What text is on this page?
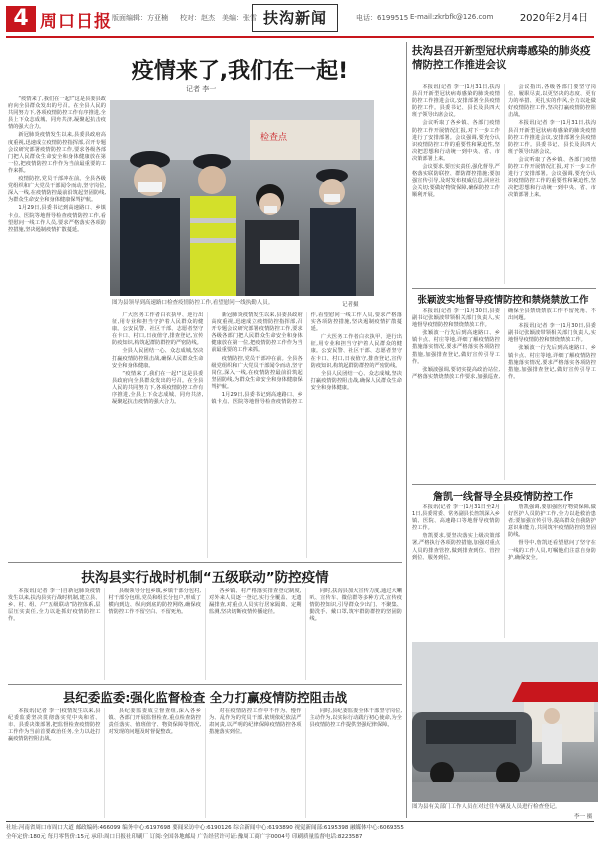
4 周口日报 版面编辑：方亚楠 校对：赵杰 美编：张雪 扶沟新闻	电话：6199515 E-mail:zkrbfk@126.com	2020年2月4日
疫情来了,我们在一起!
记者 李一

“疫情来了,我们在一起!”这是县委县政府向全县群众发出的号召。在全县人民的共同努力下,各项疫情防控工作有序推进,全县上下众志成城、同舟共济,凝聚起抗击疫情的强大合力。

新冠肺炎疫情发生以来,县委县政府高度重视,迅速成立疫情防控指挥部,召开专题会议研究部署疫情防控工作,要求各级各部门把人民群众生命安全和身体健康放在第一位,把疫情防控工作作为当前最重要的工作来抓。

疫情防控,党员干部冲在前。全县各级党组织和广大党员干部闻令而动,坚守岗位,深入一线,在疫情防控最前沿筑起坚固防线,为群众生命安全和身体健康保驾护航。

1月29日,县委书记到高速路口、乡镇卡点、医院等地督导检查疫情防控工作,看望慰问一线工作人员,要求严格落实各项防控措施,坚决遏制疫情扩散蔓延。

检查点
图为县领导到高速路口检查疫情防控工作,看望慰问一线执勤人员。	记者摄

广大医务工作者白衣执甲、逆行出征,用专业和担当守护着人民群众的健康。公安民警、社区干部、志愿者坚守在卡口、村口,日夜值守,排查登记,宣传防疫知识,构筑起群防群控的严密防线。

全县人民团结一心、众志成城,坚决打赢疫情防控阻击战,确保人民群众生命安全和身体健康。

“疫情来了,我们在一起!”这是县委县政府向全县群众发出的号召。在全县人民的共同努力下,各项疫情防控工作有序推进,全县上下众志成城、同舟共济,凝聚起抗击疫情的强大合力。

新冠肺炎疫情发生以来,县委县政府高度重视,迅速成立疫情防控指挥部,召开专题会议研究部署疫情防控工作,要求各级各部门把人民群众生命安全和身体健康放在第一位,把疫情防控工作作为当前最重要的工作来抓。

疫情防控,党员干部冲在前。全县各级党组织和广大党员干部闻令而动,坚守岗位,深入一线,在疫情防控最前沿筑起坚固防线,为群众生命安全和身体健康保驾护航。

1月29日,县委书记到高速路口、乡镇卡点、医院等地督导检查疫情防控工作,看望慰问一线工作人员,要求严格落实各项防控措施,坚决遏制疫情扩散蔓延。

广大医务工作者白衣执甲、逆行出征,用专业和担当守护着人民群众的健康。公安民警、社区干部、志愿者坚守在卡口、村口,日夜值守,排查登记,宣传防疫知识,构筑起群防群控的严密防线。

全县人民团结一心、众志成城,坚决打赢疫情防控阻击战,确保人民群众生命安全和身体健康。

扶沟县召开新型冠状病毒感染的肺炎疫情防控工作推进会议

本报讯(记者 李一)1月31日,扶沟县召开新型冠状病毒感染的肺炎疫情防控工作推进会议,安排部署全县疫情防控工作。县委书记、县长及县四大班子领导出席会议。

会议听取了各乡镇、各部门疫情防控工作开展情况汇报,对下一步工作进行了安排部署。会议强调,要充分认识疫情防控工作的重要性和紧迫性,坚决把思想和行动统一到中央、省、市决策部署上来。

会议要求,要压实责任,强化督导,严格落实联防联控、群防群控措施;要加强宣传引导,及时发布权威信息,回应社会关切;要做好物资保障,确保防控工作顺利开展。

会议指出,各级各部门要坚守岗位、履职尽责,以更坚决的态度、更有力的举措、更扎实的作风,全力以赴做好疫情防控工作,坚决打赢疫情防控阻击战。

本报讯(记者 李一)1月31日,扶沟县召开新型冠状病毒感染的肺炎疫情防控工作推进会议,安排部署全县疫情防控工作。县委书记、县长及县四大班子领导出席会议。

会议听取了各乡镇、各部门疫情防控工作开展情况汇报,对下一步工作进行了安排部署。会议强调,要充分认识疫情防控工作的重要性和紧迫性,坚决把思想和行动统一到中央、省、市决策部署上来。

张颖波实地督导疫情防控和禁烧禁放工作

本报讯(记者 李一)1月30日,县委副书记张颖波带领相关部门负责人,实地督导疫情防控和禁烧禁放工作。

张颖波一行先后到高速路口、乡镇卡点、村庄等地,详细了解疫情防控措施落实情况,要求严格落实各项防控措施,加强排查登记,做好宣传引导工作。

张颖波强调,要切实提高政治站位,严格落实禁烧禁放工作要求,加强巡查,确保全县禁烧禁放工作不留死角、不出问题。

本报讯(记者 李一)1月30日,县委副书记张颖波带领相关部门负责人,实地督导疫情防控和禁烧禁放工作。

张颖波一行先后到高速路口、乡镇卡点、村庄等地,详细了解疫情防控措施落实情况,要求严格落实各项防控措施,加强排查登记,做好宣传引导工作。

詹凯一线督导全县疫情防控工作

本报讯(记者 李一)1月31日至2月1日,县委常委、常务副县长詹凯深入乡镇、医院、高速路口等地督导疫情防控工作。

詹凯要求,要坚决落实上级决策部署,严格执行各项防控措施,加强对重点人员的排查管控,做到排查到位、管控到位、服务到位。

詹凯强调,要加强医疗物资保障,做好医护人员防护工作,全力以赴救治患者;要加强宣传引导,提高群众自我防护意识和能力,共同筑牢疫情防控的坚固防线。

督导中,詹凯还看望慰问了坚守在一线的工作人员,叮嘱他们注意自身防护,确保安全。

图为县有关部门工作人员在对过往车辆及人员进行检查登记。
李一 摄
扶沟县实行战时机制“五级联动”防控疫情

本报讯(记者 李一)自新冠肺炎疫情发生以来,扶沟县实行战时机制,建立县、乡、村、组、户“五级联动”防控体系,层层压实责任,全力以赴抓好疫情防控工作。

县级领导分包乡镇,乡镇干部分包村,村干部分包组,党员和组长分包户,形成了横向到边、纵向到底的防控网络,确保疫情防控工作不留空白、不留死角。

各乡镇、村严格落实排查登记制度,对外来人员逐一登记,实行全覆盖、无遗漏排查,对重点人员实行居家隔离、定期监测,坚决切断疫情传播途径。

同时,扶沟县加大宣传力度,通过大喇叭、宣传车、微信群等多种方式,宣传疫情防控知识,引导群众少出门、不聚集、勤洗手、戴口罩,筑牢群防群控的坚固防线。

县纪委监委:强化监督检查 全力打赢疫情防控阻击战

本报讯(记者 李一)疫情发生以来,县纪委监委坚决贯彻落实党中央和省、市、县委决策部署,把监督检查疫情防控工作作为当前首要政治任务,全力以赴打赢疫情防控阻击战。

县纪委监委成立督查组,深入各乡镇、各部门开展监督检查,重点检查防控责任落实、值班值守、物资保障等情况,对发现的问题及时督促整改。

对在疫情防控工作中不作为、慢作为、乱作为的党员干部,依规依纪依法严肃问责,以严明的纪律保障疫情防控各项措施落实到位。

同时,县纪委监委全体干部坚守岗位,主动作为,以实际行动践行初心使命,为全县疫情防控工作提供坚强纪律保障。

社址:河南省周口市周口大道 邮政编码:466099 编务中心:6197698 要闻采访中心:6190126 综合新闻中心:6193890 视觉新闻部:6195398 融媒体中心:6069355
全年定价:180元 每月零售价:15元 承印:周口日报社印刷厂 订阅:全国各地邮局 广告经营许可证:豫周工商广字0004号 印刷质量监督电话:8223587
